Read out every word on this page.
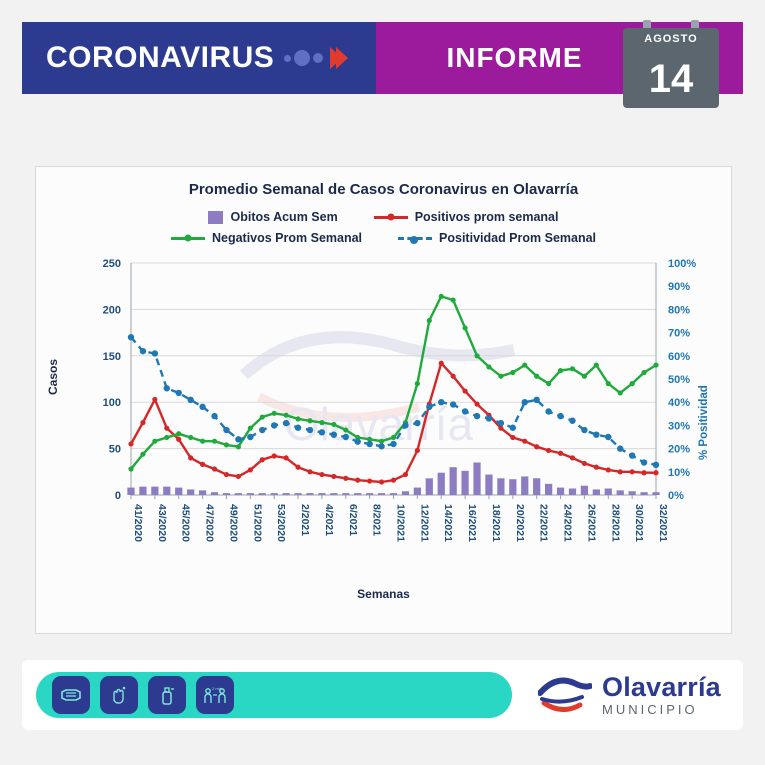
CORONAVIRUS	INFORME
AGOSTO
14
Promedio Semanal de Casos Coronavirus en Olavarría
Obitos Acum Sem	Positivos prom semanal
Negativos Prom Semanal	Positividad Prom Semanal
Casos
% Positividad
Olavarría
0
50
100
150
200
250
0%
10%
20%
30%
40%
50%
60%
70%
80%
90%
100%
41/2020 43/2020 45/2020 47/2020 49/2020 51/2020 53/2020 2/2021 4/2021 6/2021 8/2021 10/2021 12/2021 14/2021 16/2021 18/2021 20/2021 22/2021 24/2021 26/2021 28/2021 30/2021 32/2021
Semanas
2 mts.	Olavarría
MUNICIPIO
